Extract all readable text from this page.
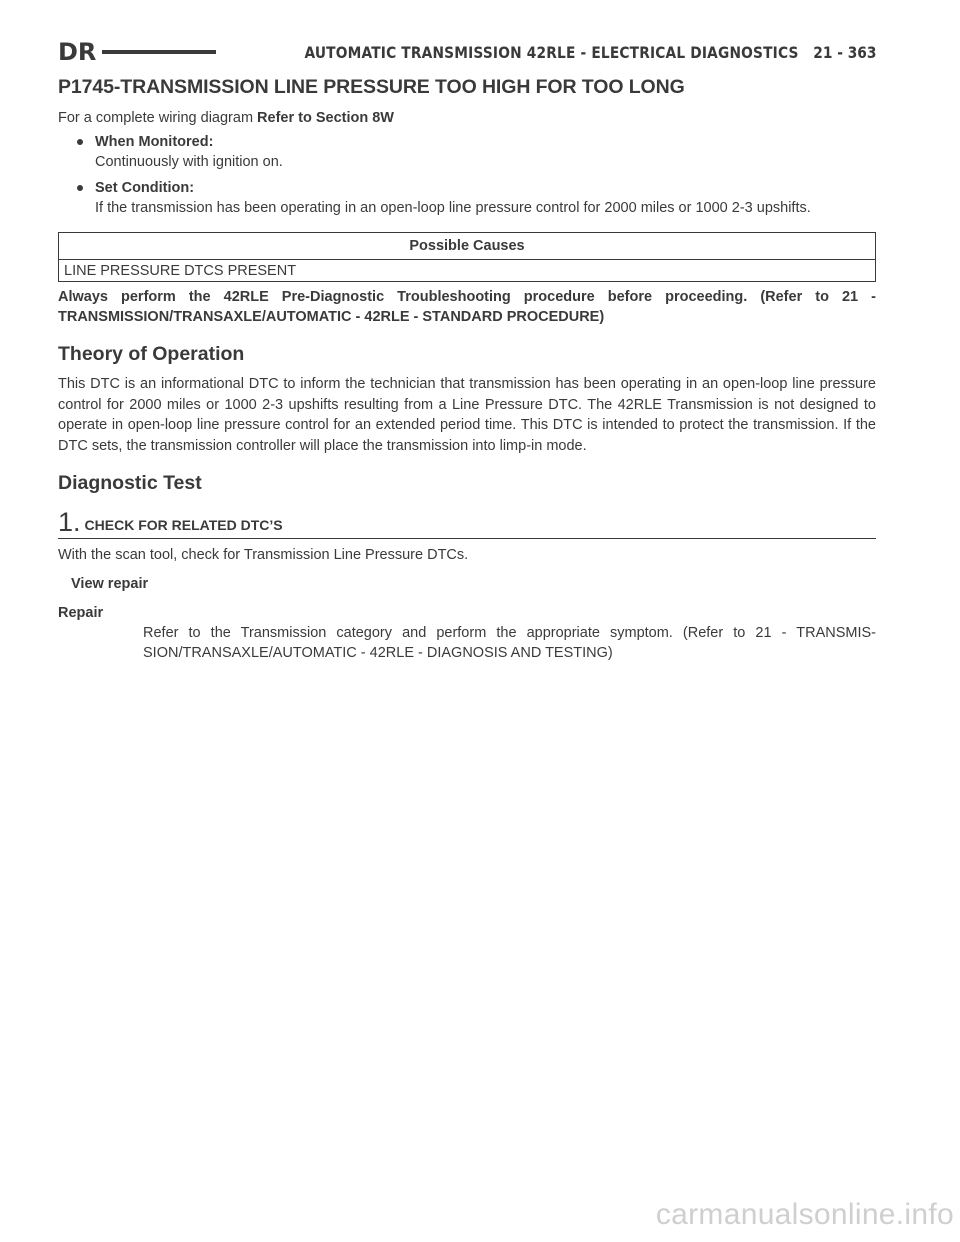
DR	AUTOMATIC TRANSMISSION 42RLE - ELECTRICAL DIAGNOSTICS 21 - 363
P1745-TRANSMISSION LINE PRESSURE TOO HIGH FOR TOO LONG

For a complete wiring diagram Refer to Section 8W

When Monitored:
Continuously with ignition on.
Set Condition:
If the transmission has been operating in an open-loop line pressure control for 2000 miles or 1000 2-3 upshifts.
Possible Causes
LINE PRESSURE DTCS PRESENT

Always perform the 42RLE Pre-Diagnostic Troubleshooting procedure before proceeding. (Refer to 21 - TRANSMISSION/TRANSAXLE/AUTOMATIC - 42RLE - STANDARD PROCEDURE)

Theory of Operation

This DTC is an informational DTC to inform the technician that transmission has been operating in an open-loop line pressure control for 2000 miles or 1000 2-3 upshifts resulting from a Line Pressure DTC. The 42RLE Transmission is not designed to operate in open-loop line pressure control for an extended period time. This DTC is intended to protect the transmission. If the DTC sets, the transmission controller will place the transmission into limp-in mode.

Diagnostic Test
1. CHECK FOR RELATED DTC’S

With the scan tool, check for Transmission Line Pressure DTCs.

View repair
Repair
Refer to the Transmission category and perform the appropriate symptom. (Refer to 21 - TRANSMIS- SION/TRANSAXLE/AUTOMATIC - 42RLE - DIAGNOSIS AND TESTING)
carmanualsonline.info
